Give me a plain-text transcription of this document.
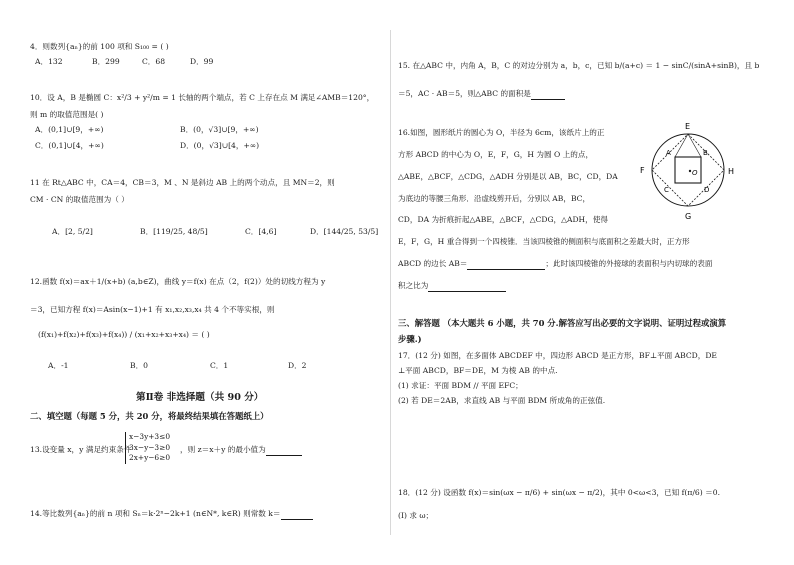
4．则数列{aₙ}的前 100 项和 S₁₀₀ = ( )
A．132	B．299	C．68	D．99
10．设 A，B 是椭圆 C：x²/3 + y²/m = 1 长轴的两个端点，若 C 上存在点 M 满足∠AMB＝120°，
则 m 的取值范围是( )
A．(0,1]∪[9，+∞)	B．(0，√3]∪[9，+∞)
C．(0,1]∪[4，+∞)	D．(0，√3]∪[4，+∞)
11 在 Rt△ABC 中，CA＝4，CB＝3，M 、N 是斜边 AB 上的两个动点，且 MN＝2，则
CM · CN 的取值范围为（ ）
A．[2, 5/2]	B．[119/25, 48/5]	C．[4,6]	D．[144/25, 53/5]
12.函数 f(x)＝ax＋1/(x+b) (a,b∈Z)，曲线 y＝f(x) 在点（2，f(2)）处的切线方程为 y
＝3，已知方程 f(x)＝Asin(x−1)+1 有 x₁,x₂,x₃,x₄ 共 4 个不等实根，则
(f(x₁)+f(x₂)+f(x₃)+f(x₄)) / (x₁+x₂+x₃+x₄) ＝ ( )
A．-1	B．0	C．1	D．2
第Ⅱ卷 非选择题（共 90 分）
二、填空题（每题 5 分，共 20 分，将最终结果填在答题纸上）
13.设变量 x，y 满足约束条件
x−3y+3≤0
3x−y−3≥0
2x+y−6≥0
，则 z＝x＋y 的最小值为
14.等比数列{aₙ}的前 n 项和 Sₙ＝k·2ⁿ−2k+1 (n∈N*, k∈R) 则常数 k＝
15. 在△ABC 中，内角 A，B，C 的对边分别为 a，b，c，已知 b/(a+c) ＝ 1 − sinC/(sinA+sinB)，且 b
＝5，AC · AB＝5，则△ABC 的面积是
16.如图，圆形纸片的圆心为 O，半径为 6cm，该纸片上的正
方形 ABCD 的中心为 O，E，F，G，H 为圆 O 上的点，
△ABE，△BCF，△CDG，△ADH 分别是以 AB，BC，CD，DA
为底边的等腰三角形．沿虚线剪开后，分别以 AB，BC，
CD，DA 为折痕折起△ABE，△BCF，△CDG，△ADH，使得
E，F，G，H 重合得到一个四棱锥．当该四棱锥的侧面积与底面积之差最大时，正方形
ABCD 的边长 AB＝	；此时该四棱锥的外接球的表面积与内切球的表面
积之比为
E
F
G
H
A	B
C	D
O
三、解答题 （本大题共 6 小题，共 70 分.解答应写出必要的文字说明、证明过程或演算
步骤.)
17．(12 分) 如图，在多面体 ABCDEF 中，四边形 ABCD 是正方形，BF⊥平面 ABCD，DE
⊥平面 ABCD，BF＝DE，M 为棱 AB 的中点.
(1) 求证：平面 BDM // 平面 EFC；
(2) 若 DE＝2AB，求直线 AB 与平面 BDM 所成角的正弦值.
18．(12 分) 设函数 f(x)＝sin(ωx − π/6) + sin(ωx − π/2)，其中 0<ω<3，已知 f(π/6) ＝0.
(I) 求 ω；
